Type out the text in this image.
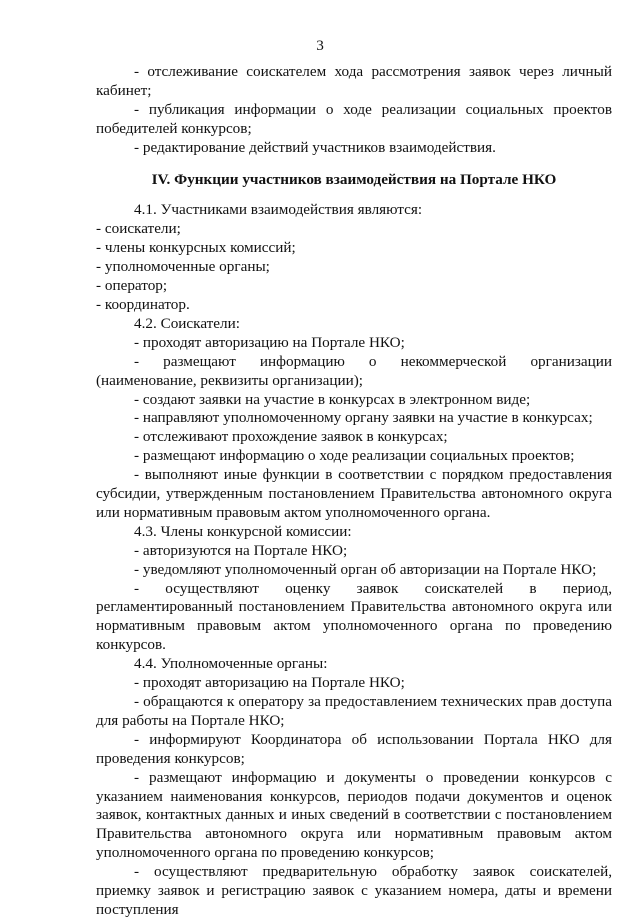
3

- отслеживание соискателем хода рассмотрения заявок через личный кабинет;

- публикация информации о ходе реализации социальных проектов победителей конкурсов;

- редактирование действий участников взаимодействия.

IV. Функции участников взаимодействия на Портале НКО

4.1. Участниками взаимодействия являются:

- соискатели;

- члены конкурсных комиссий;

- уполномоченные органы;

- оператор;

- координатор.

4.2. Соискатели:

- проходят авторизацию на Портале НКО;

- размещают информацию о некоммерческой организации (наименование, реквизиты организации);

- создают заявки на участие в конкурсах в электронном виде;

- направляют уполномоченному органу заявки на участие в конкурсах;

- отслеживают прохождение заявок в конкурсах;

- размещают информацию о ходе реализации социальных проектов;

- выполняют иные функции в соответствии с порядком предоставления субсидии, утвержденным постановлением Правительства автономного округа или нормативным правовым актом уполномоченного органа.

4.3. Члены конкурсной комиссии:

- авторизуются на Портале НКО;

- уведомляют уполномоченный орган об авторизации на Портале НКО;

- осуществляют оценку заявок соискателей в период, регламентированный постановлением Правительства автономного округа или нормативным правовым актом уполномоченного органа по проведению конкурсов.

4.4. Уполномоченные органы:

- проходят авторизацию на Портале НКО;

- обращаются к оператору за предоставлением технических прав доступа для работы на Портале НКО;

- информируют Координатора об использовании Портала НКО для проведения конкурсов;

- размещают информацию и документы о проведении конкурсов с указанием наименования конкурсов, периодов подачи документов и оценок заявок, контактных данных и иных сведений в соответствии с постановлением Правительства автономного округа или нормативным правовым актом уполномоченного органа по проведению конкурсов;

- осуществляют предварительную обработку заявок соискателей, приемку заявок и регистрацию заявок с указанием номера, даты и времени поступления
